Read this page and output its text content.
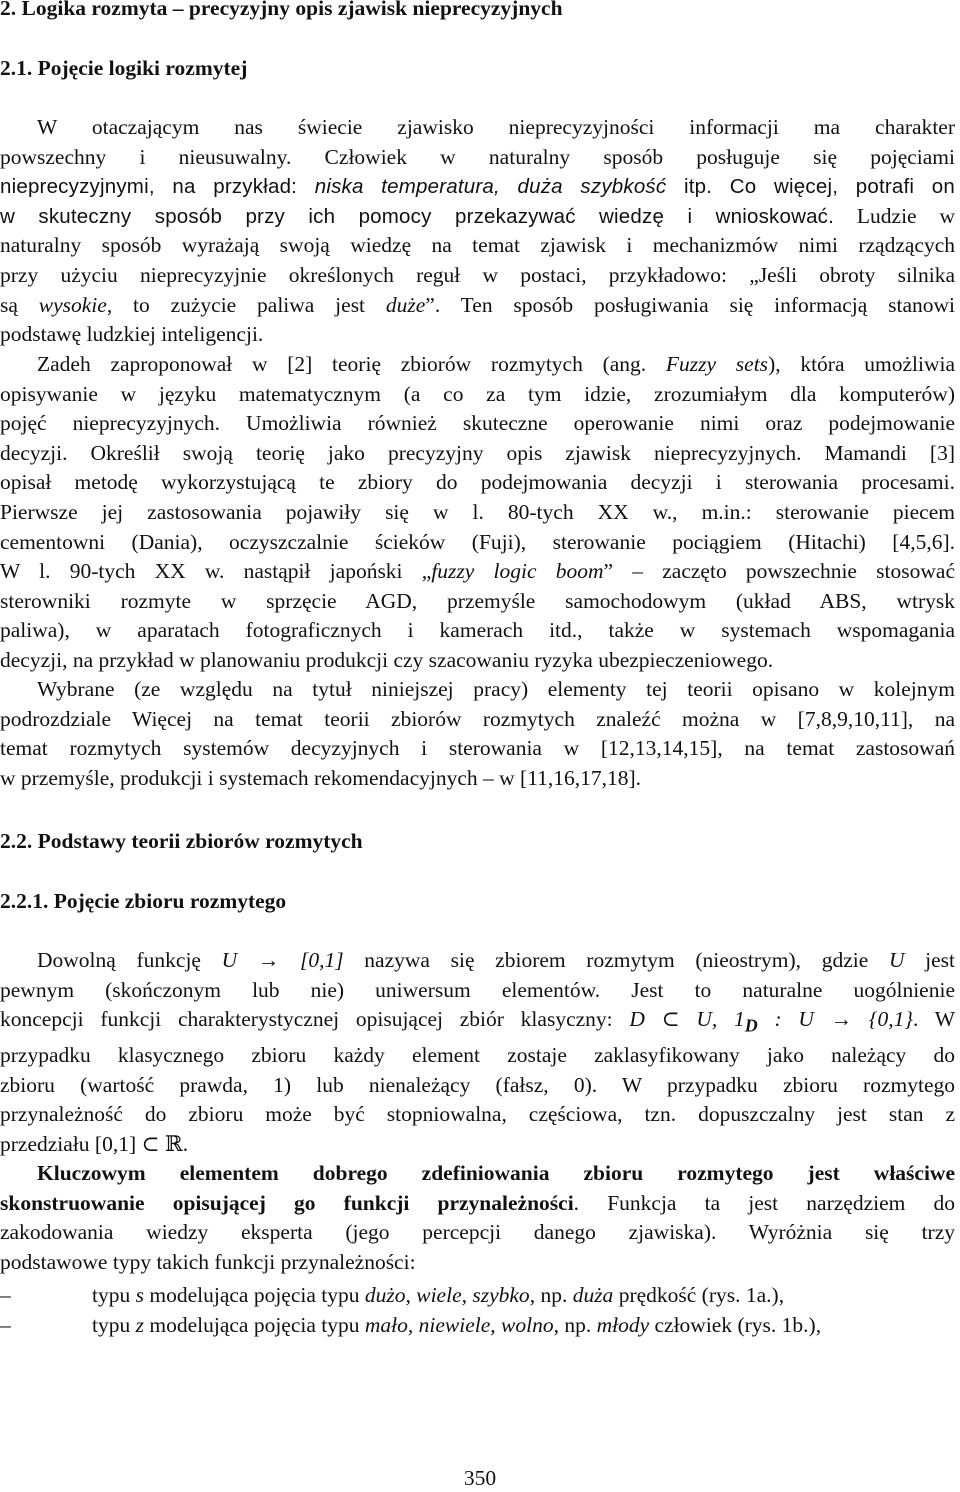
2. Logika rozmyta – precyzyjny opis zjawisk nieprecyzyjnych
2.1. Pojęcie logiki rozmytej
W otaczającym nas świecie zjawisko nieprecyzyjności informacji ma charakter
powszechny i nieusuwalny. Człowiek w naturalny sposób posługuje się pojęciami
nieprecyzyjnymi, na przykład: niska temperatura, duża szybkość itp. Co więcej, potrafi on
w skuteczny sposób przy ich pomocy przekazywać wiedzę i wnioskować. Ludzie w
naturalny sposób wyrażają swoją wiedzę na temat zjawisk i mechanizmów nimi rządzących
przy użyciu nieprecyzyjnie określonych reguł w postaci, przykładowo: „Jeśli obroty silnika
są wysokie, to zużycie paliwa jest duże”. Ten sposób posługiwania się informacją stanowi
podstawę ludzkiej inteligencji.
Zadeh zaproponował w [2] teorię zbiorów rozmytych (ang. Fuzzy sets), która umożliwia
opisywanie w języku matematycznym (a co za tym idzie, zrozumiałym dla komputerów)
pojęć nieprecyzyjnych. Umożliwia również skuteczne operowanie nimi oraz podejmowanie
decyzji. Określił swoją teorię jako precyzyjny opis zjawisk nieprecyzyjnych. Mamandi [3]
opisał metodę wykorzystującą te zbiory do podejmowania decyzji i sterowania procesami.
Pierwsze jej zastosowania pojawiły się w l. 80-tych XX w., m.in.: sterowanie piecem
cementowni (Dania), oczyszczalnie ścieków (Fuji), sterowanie pociągiem (Hitachi) [4,5,6].
W l. 90-tych XX w. nastąpił japoński „fuzzy logic boom” – zaczęto powszechnie stosować
sterowniki rozmyte w sprzęcie AGD, przemyśle samochodowym (układ ABS, wtrysk
paliwa), w aparatach fotograficznych i kamerach itd., także w systemach wspomagania
decyzji, na przykład w planowaniu produkcji czy szacowaniu ryzyka ubezpieczeniowego.
Wybrane (ze względu na tytuł niniejszej pracy) elementy tej teorii opisano w kolejnym
podrozdziale Więcej na temat teorii zbiorów rozmytych znaleźć można w [7,8,9,10,11], na
temat rozmytych systemów decyzyjnych i sterowania w [12,13,14,15], na temat zastosowań
w przemyśle, produkcji i systemach rekomendacyjnych – w [11,16,17,18].
2.2. Podstawy teorii zbiorów rozmytych
2.2.1. Pojęcie zbioru rozmytego
Dowolną funkcję U → [0,1] nazywa się zbiorem rozmytym (nieostrym), gdzie U jest
pewnym (skończonym lub nie) uniwersum elementów. Jest to naturalne uogólnienie
koncepcji funkcji charakterystycznej opisującej zbiór klasyczny: D ⊂ U, $1_D$ : U → {0,1}. W
przypadku klasycznego zbioru każdy element zostaje zaklasyfikowany jako należący do
zbioru (wartość prawda, 1) lub nienależący (fałsz, 0). W przypadku zbioru rozmytego
przynależność do zbioru może być stopniowalna, częściowa, tzn. dopuszczalny jest stan z
przedziału [0,1] ⊂ ℝ.
Kluczowym elementem dobrego zdefiniowania zbioru rozmytego jest właściwe
skonstruowanie opisującej go funkcji przynależności. Funkcja ta jest narzędziem do
zakodowania wiedzy eksperta (jego percepcji danego zjawiska). Wyróżnia się trzy
podstawowe typy takich funkcji przynależności:
–	typu s modelująca pojęcia typu dużo, wiele, szybko, np. duża prędkość (rys. 1a.),
–	typu z modelująca pojęcia typu mało, niewiele, wolno, np. młody człowiek (rys. 1b.),
350
